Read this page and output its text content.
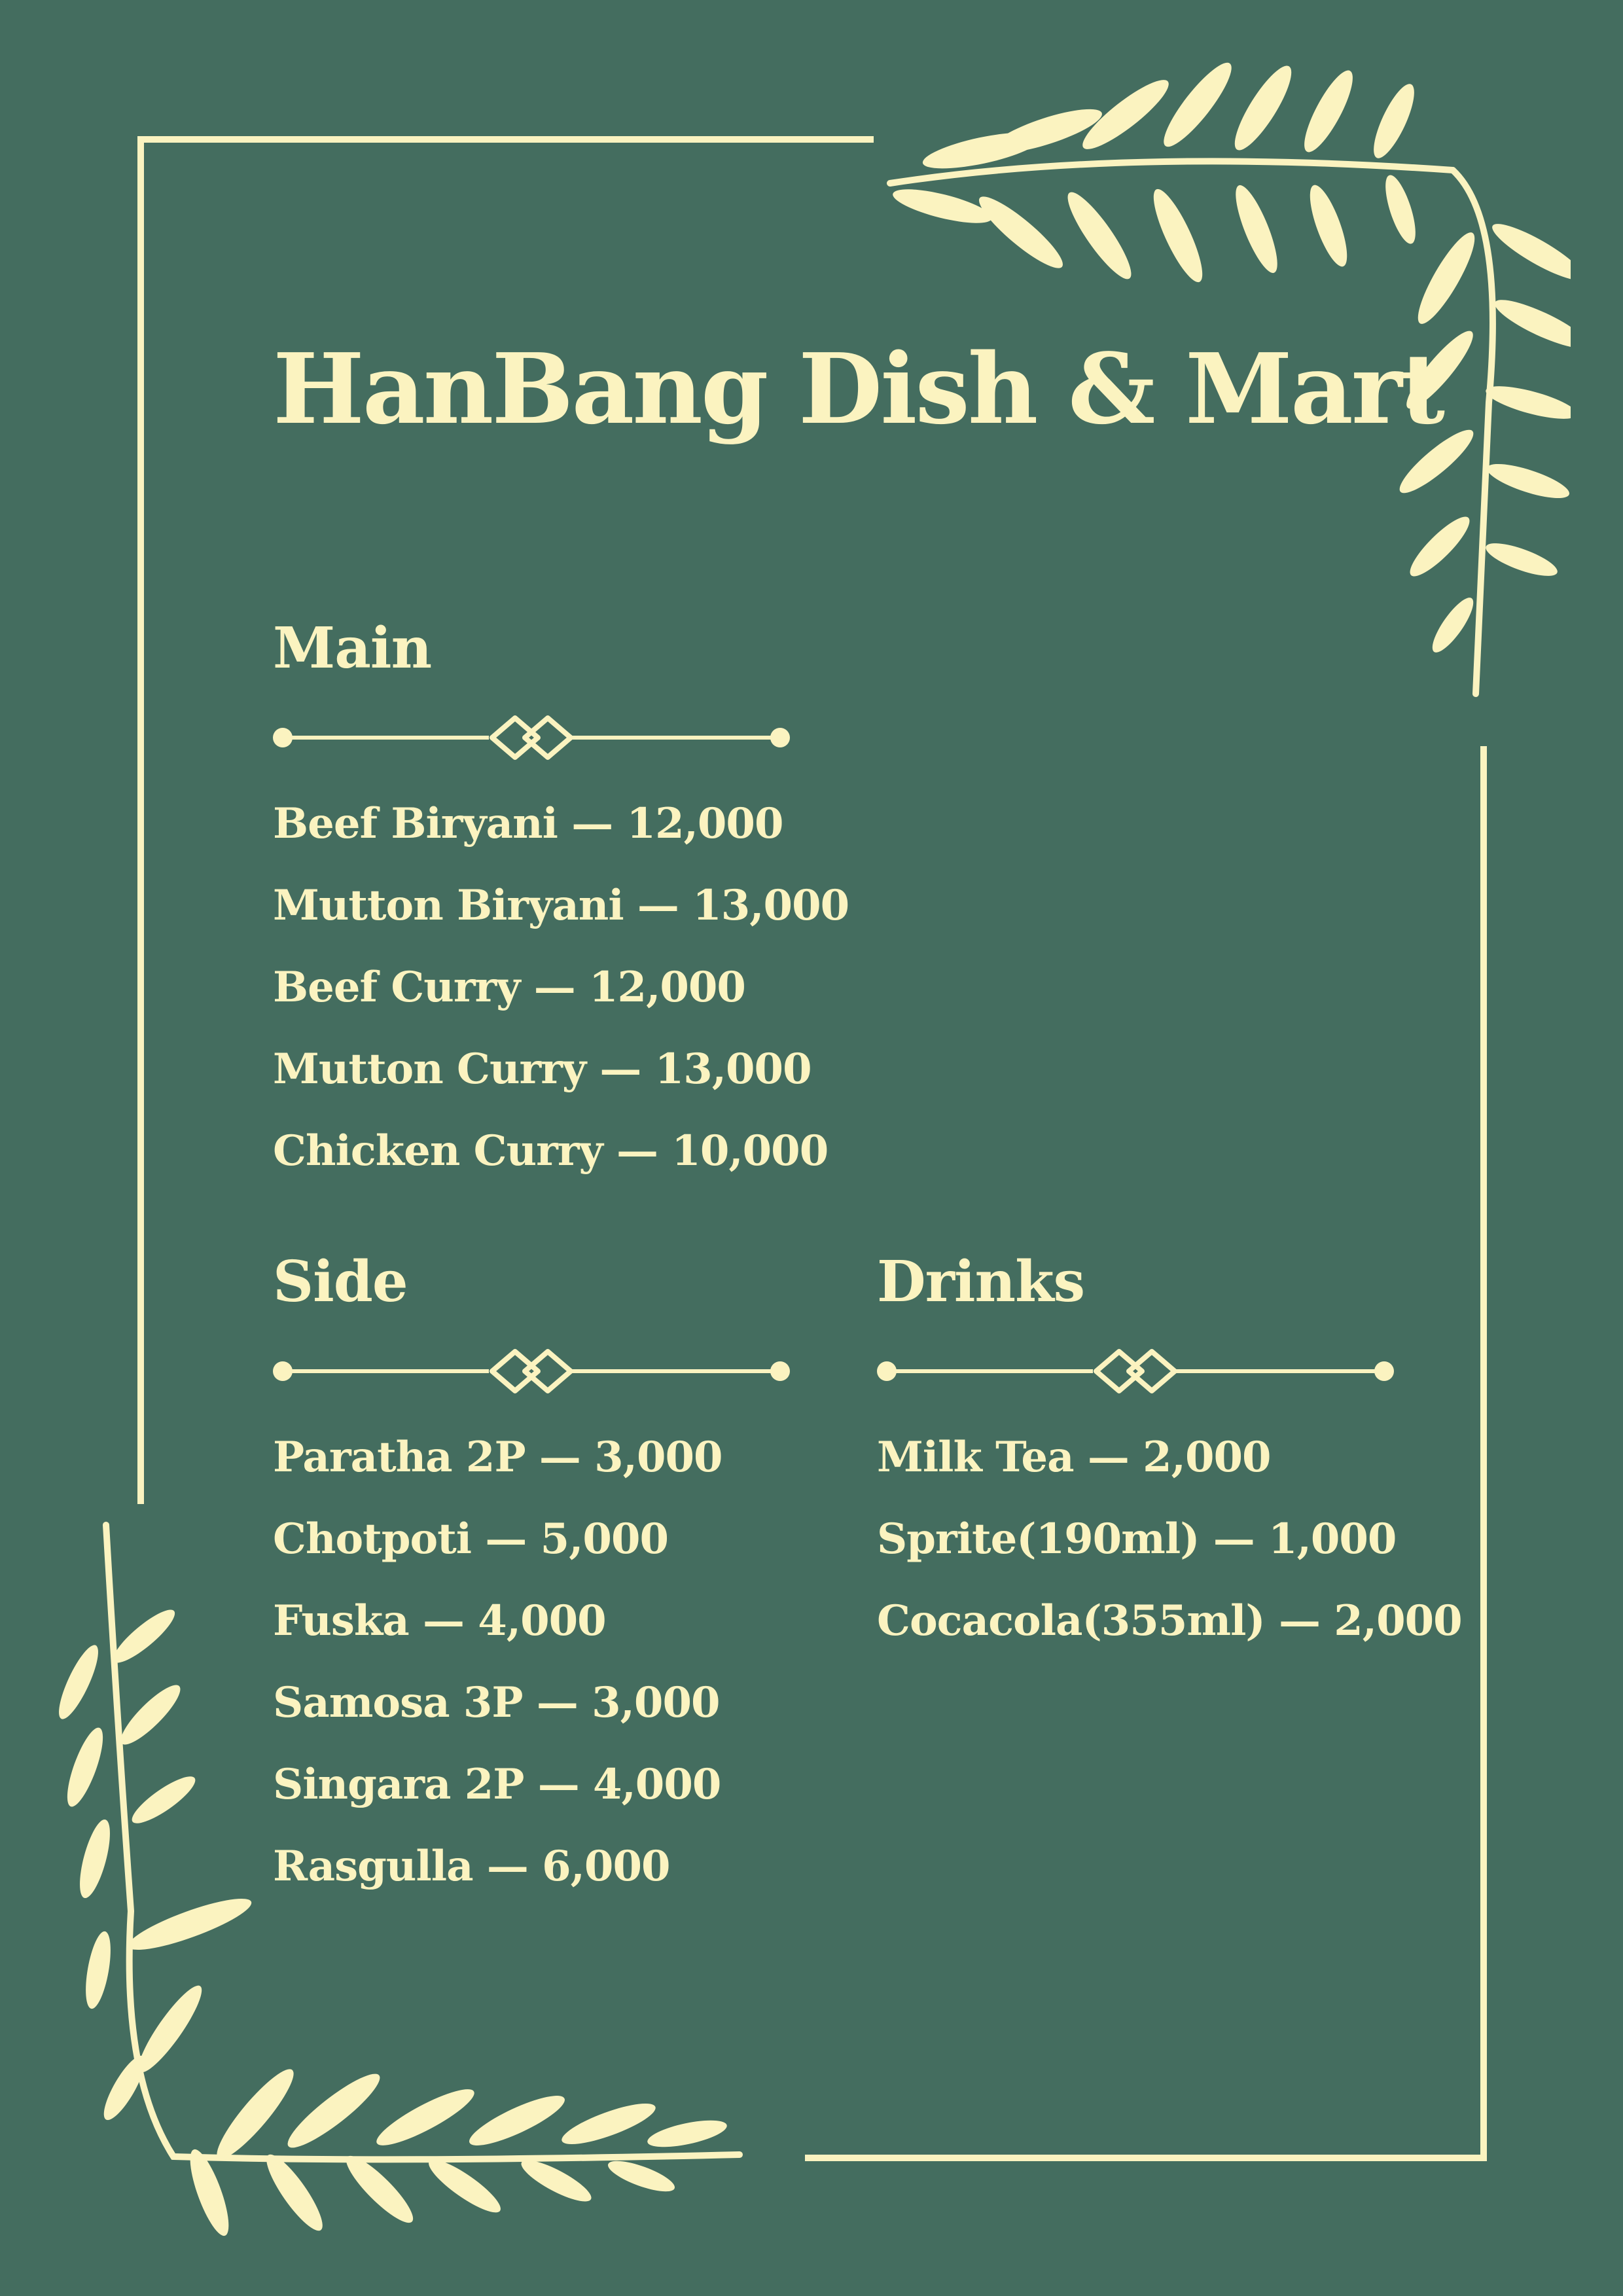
HanBang Dish & Mart
Main
Beef Biryani — 12,000
Mutton Biryani — 13,000
Beef Curry — 12,000
Mutton Curry — 13,000
Chicken Curry — 10,000
Side
Paratha 2P — 3,000
Chotpoti — 5,000
Fuska — 4,000
Samosa 3P — 3,000
Singara 2P — 4,000
Rasgulla — 6,000
Drinks
Milk Tea — 2,000
Sprite(190ml) — 1,000
Cocacola(355ml) — 2,000
